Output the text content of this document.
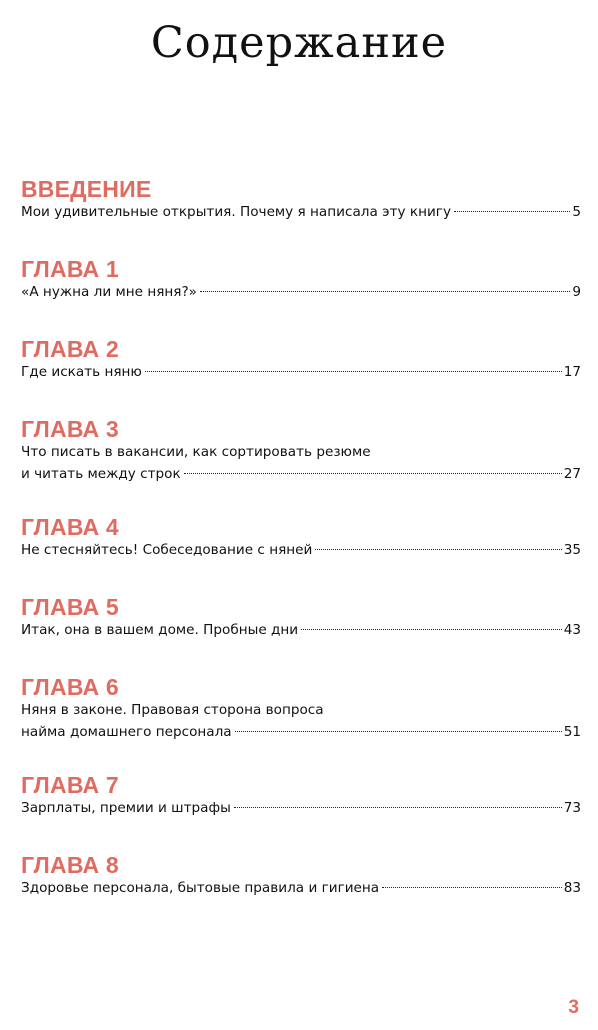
Содержание
ВВЕДЕНИЕ
Мои удивительные открытия. Почему я написала эту книгу	5
ГЛАВА 1
«А нужна ли мне няня?»	9
ГЛАВА 2
Где искать няню	17
ГЛАВА 3
Что писать в вакансии, как сортировать резюме
и читать между строк	27
ГЛАВА 4
Не стесняйтесь! Собеседование с няней	35
ГЛАВА 5
Итак, она в вашем доме. Пробные дни	43
ГЛАВА 6
Няня в законе. Правовая сторона вопроса
найма домашнего персонала	51
ГЛАВА 7
Зарплаты, премии и штрафы	73
ГЛАВА 8
Здоровье персонала, бытовые правила и гигиена	83
3
